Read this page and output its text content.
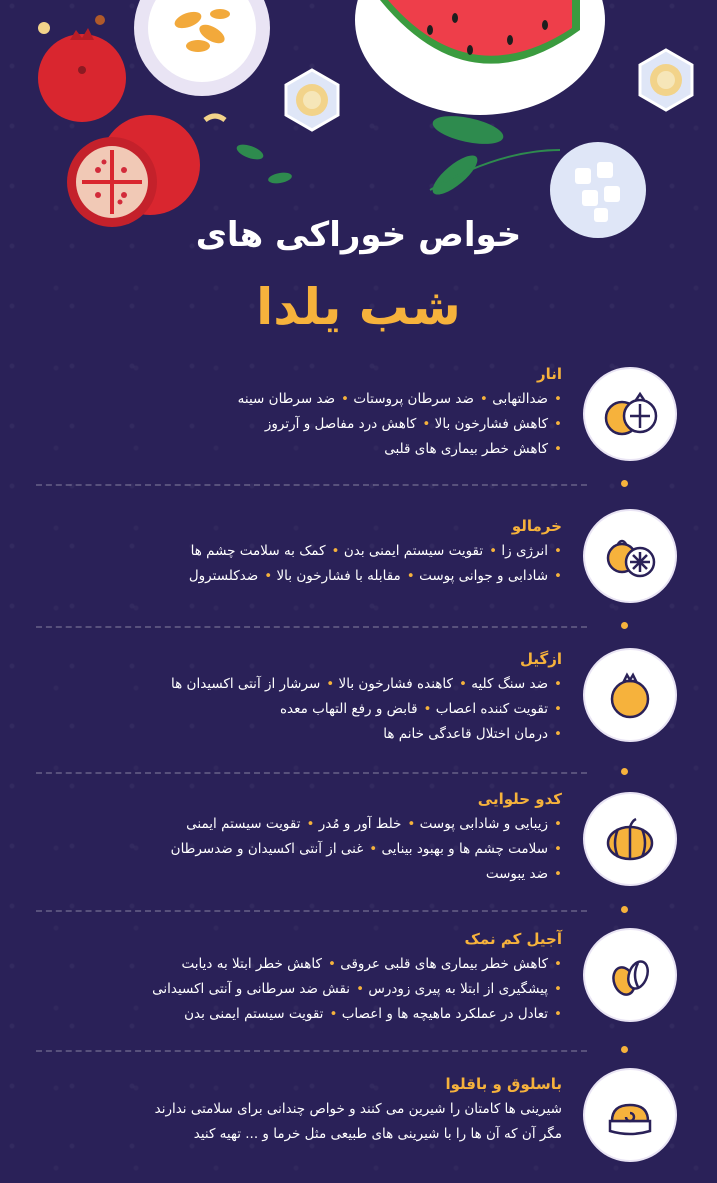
خواص خوراکی های
شب یلدا
انار
•ضدالتهابی •ضد سرطان پروستات •ضد سرطان سینه
•کاهش فشارخون بالا •کاهش درد مفاصل و آرتروز
•کاهش خطر بیماری های قلبی
خرمالو
•انرژی زا •تقویت سیستم ایمنی بدن •کمک به سلامت چشم ها
•شادابی و جوانی پوست •مقابله با فشارخون بالا •ضدکلسترول
ازگیل
•ضد سنگ کلیه •کاهنده فشارخون بالا •سرشار از آنتی اکسیدان ها
•تقویت کننده اعصاب •قابض و رفع التهاب معده
•درمان اختلال قاعدگی خانم ها
کدو حلوایی
•زیبایی و شادابی پوست •خلط آور و مُدر •تقویت سیستم ایمنی
•سلامت چشم ها و بهبود بینایی •غنی از آنتی اکسیدان و ضدسرطان
•ضد یبوست
آجیل کم نمک
•کاهش خطر بیماری های قلبی عروقی •کاهش خطر ابتلا به دیابت
•پیشگیری از ابتلا به پیری زودرس •نقش ضد سرطانی و آنتی اکسیدانی
•تعادل در عملکرد ماهیچه ها و اعصاب •تقویت سیستم ایمنی بدن
باسلوق و باقلوا
شیرینی ها کامتان را شیرین می کنند و خواص چندانی برای سلامتی ندارند
مگر آن که آن ها را با شیرینی های طبیعی مثل خرما و ... تهیه کنید
